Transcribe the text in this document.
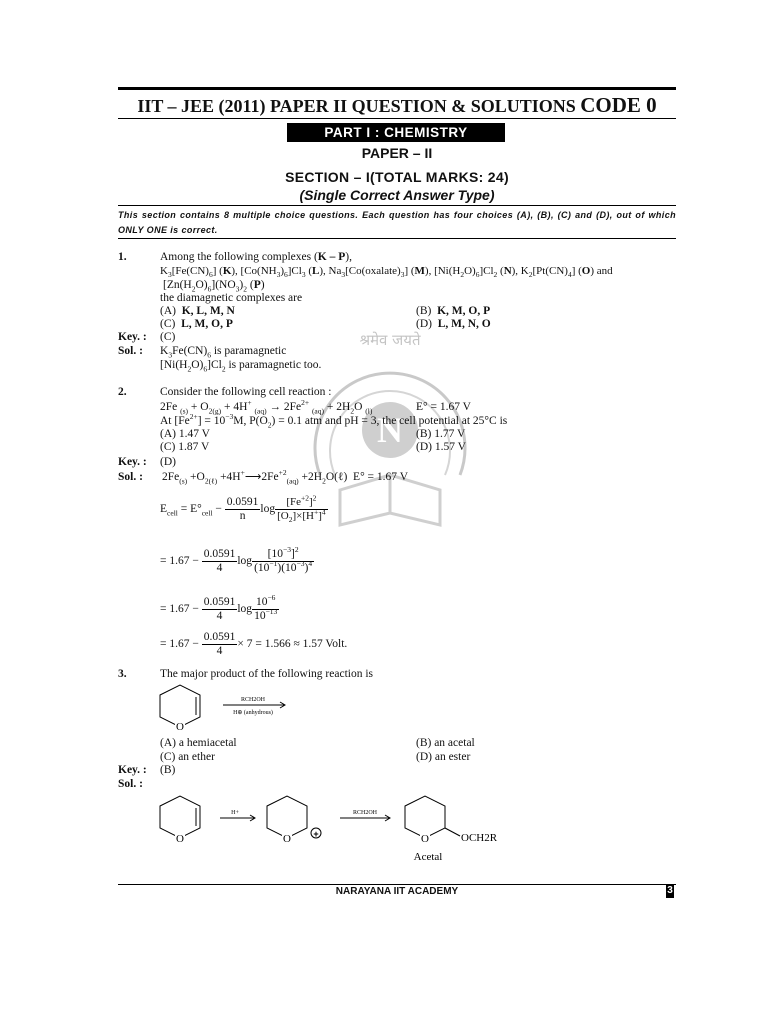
IIT – JEE (2011) PAPER II QUESTION & SOLUTIONS CODE 0
PART I : CHEMISTRY
PAPER – II
SECTION – I(TOTAL MARKS: 24)
(Single Correct Answer Type)
This section contains 8 multiple choice questions. Each question has four choices (A), (B), (C) and (D), out of which ONLY ONE is correct.
N
श्रमेव जयते
1.	Among the following complexes (K – P),
$K_3[Fe(CN)_6]$ (K), $[Co(NH_3)_6]Cl_3$ (L), $Na_3[Co(oxalate)_3]$ (M), $[Ni(H_2O)_6]Cl_2$ (N), $K_2[Pt(CN)_4]$ (O) and
$[Zn(H_2O)_6](NO_3)_2$ (P)
the diamagnetic complexes are
(A) K, L, M, N	(B) K, M, O, P
(C) L, M, O, P	(D) L, M, N, O
Key. : (C)
Sol. : $K_3Fe(CN)_6$ is paramagnetic
$[Ni(H_2O)_6]Cl_2$ is paramagnetic too.
2.	Consider the following cell reaction :
2Fe $_{(s)} + O_{2(g)} + 4H^+$ $_{(aq)} \to 2Fe^{2+}$ $_{(aq)} + 2H_2O$ $_{(l)}$	E° = 1.67 V
At $[Fe^{2+}] = 10^{-3}M$, $P(O_2) = 0.1$ atm and pH = 3, the cell potential at 25°C is
(A) 1.47 V	(B) 1.77 V
(C) 1.87 V	(D) 1.57 V
Key. : (D)
Sol. : $2Fe_{(s)} +O_{2(\ell)}$ $+4H^+⟶2Fe^{+2}_{(aq)}$ $+2H_2O(\ell) E^\circ = 1.67$ V
$E_{cell} = E^\circ_{cell} - \frac{0.0591}{n}$ $\log \frac{[Fe^{+2}]^2}{[O_2]\times[H^+]^4}$
= $1.67 - \frac{0.0591}{4}$ $\log \frac{[10^{-3}]^2}{(10^{-1})(10^{-3})^4}$
= $1.67 - \frac{0.0591}{4}$ $\log \frac{10^{-6}}{10^{-13}}$
= $1.67 - \frac{0.0591}{4} \times 7 = 1.566 \approx 1.57$ Volt.
3.	The major product of the following reaction is
O
RCH2OH
H⊕ (anhydrous)
(A) a hemiacetal	(B) an acetal
(C) an ether	(D) an ester
Key. : (B)
Sol. :
O
H+
O +
RCH2OH
O	OCH2R
Acetal
NARAYANA IIT ACADEMY	3
